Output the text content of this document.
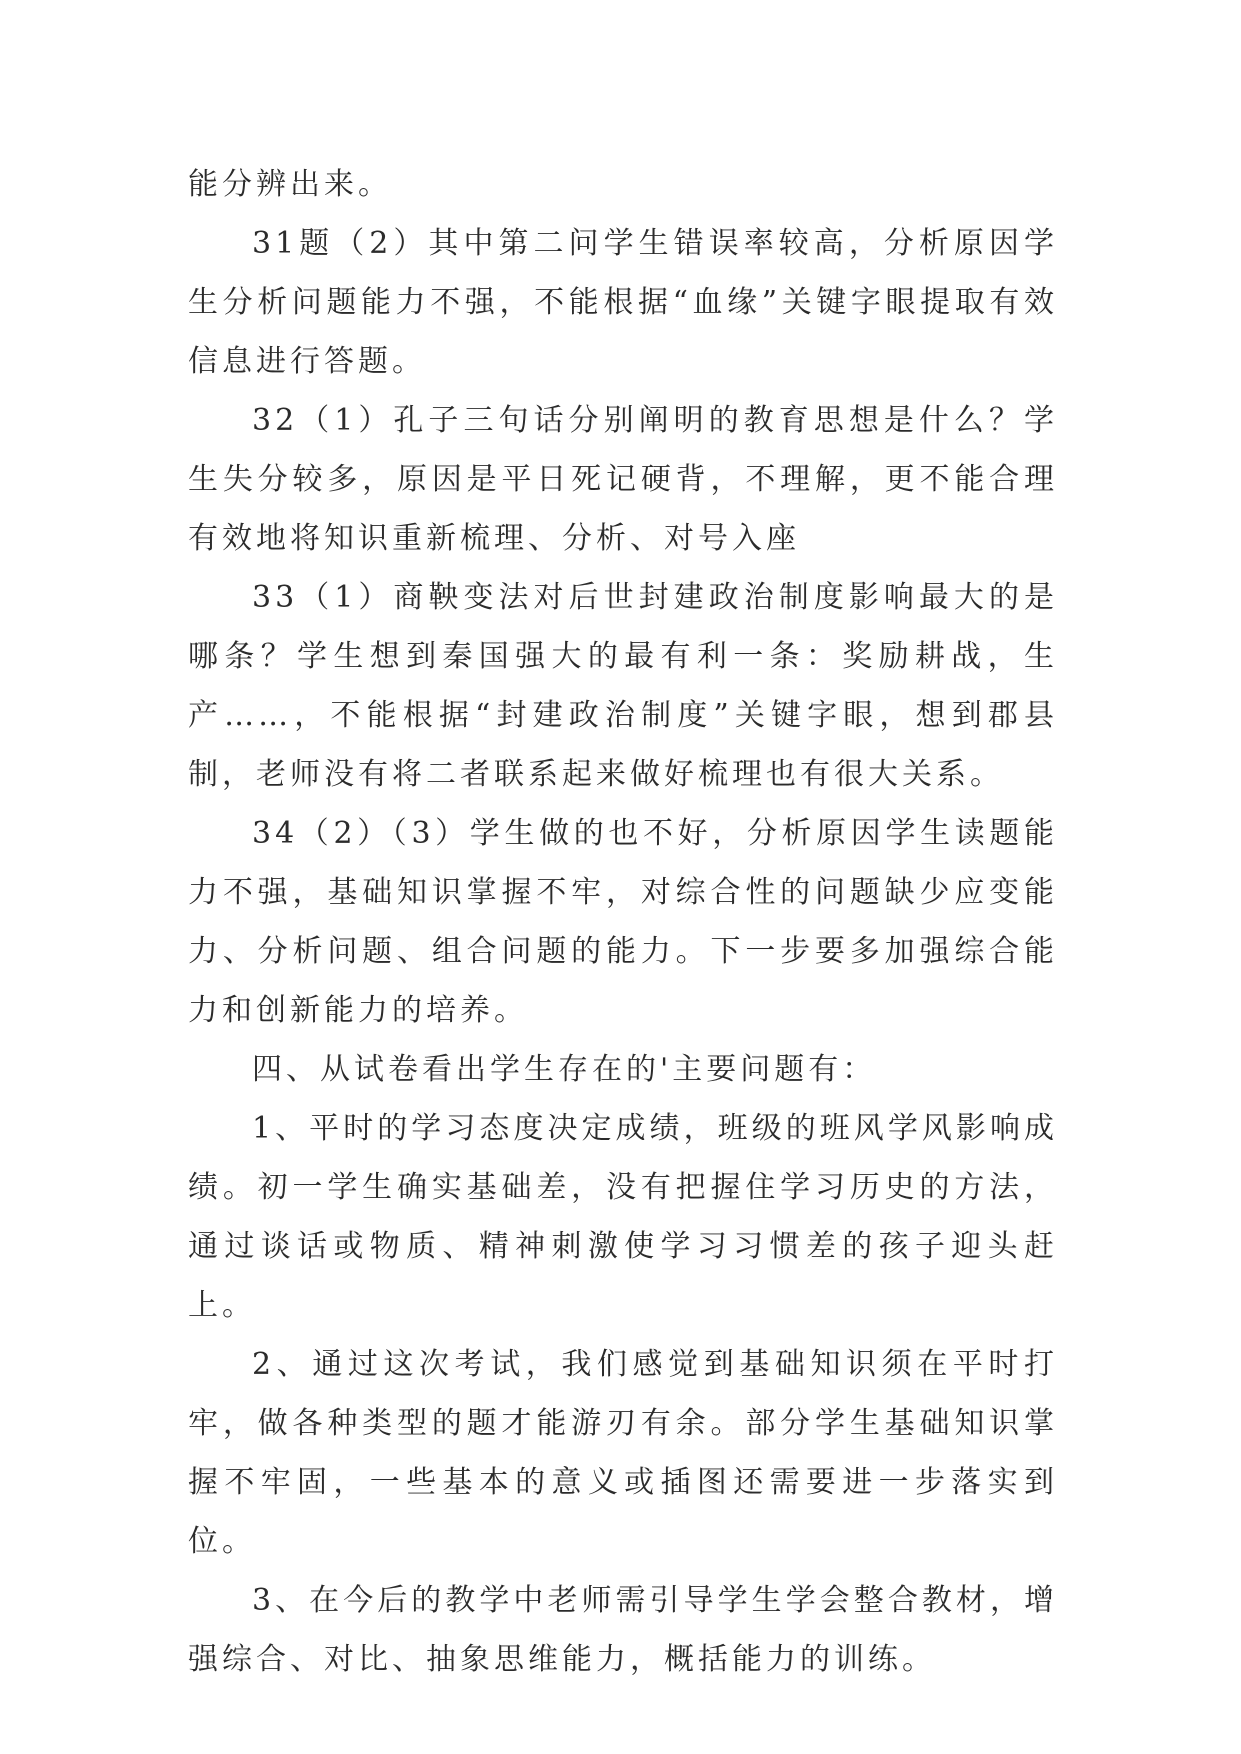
能分辨出来。

31题（2）其中第二问学生错误率较高，分析原因学生分析问题能力不强，不能根据“血缘”关键字眼提取有效信息进行答题。

32（1）孔子三句话分别阐明的教育思想是什么？学生失分较多，原因是平日死记硬背，不理解，更不能合理有效地将知识重新梳理、分析、对号入座

33（1）商鞅变法对后世封建政治制度影响最大的是哪条？学生想到秦国强大的最有利一条：奖励耕战，生产……，不能根据“封建政治制度”关键字眼，想到郡县制，老师没有将二者联系起来做好梳理也有很大关系。

34（2）（3）学生做的也不好，分析原因学生读题能力不强，基础知识掌握不牢，对综合性的问题缺少应变能力、分析问题、组合问题的能力。下一步要多加强综合能力和创新能力的培养。

四、从试卷看出学生存在的'主要问题有：

1、平时的学习态度决定成绩，班级的班风学风影响成绩。初一学生确实基础差，没有把握住学习历史的方法，通过谈话或物质、精神刺激使学习习惯差的孩子迎头赶上。

2、通过这次考试，我们感觉到基础知识须在平时打牢，做各种类型的题才能游刃有余。部分学生基础知识掌握不牢固，一些基本的意义或插图还需要进一步落实到位。

3、在今后的教学中老师需引导学生学会整合教材，增强综合、对比、抽象思维能力，概括能力的训练。
